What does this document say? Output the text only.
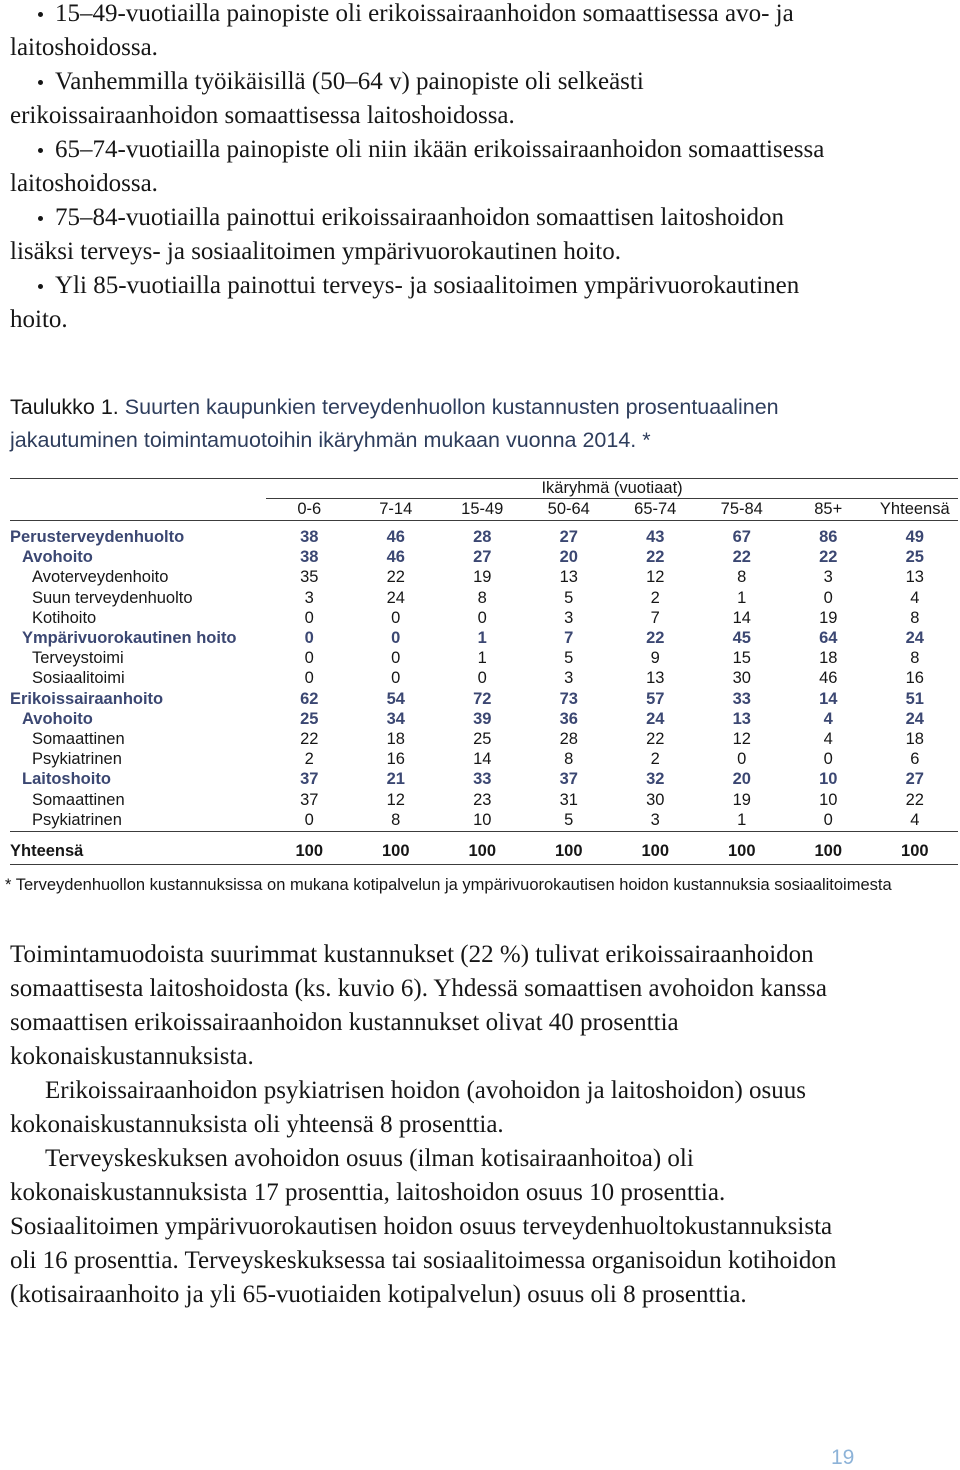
15–49-vuotiailla painopiste oli erikoissairaanhoidon somaattisessa avo- ja
laitoshoidossa.
Vanhemmilla työikäisillä (50–64 v) painopiste oli selkeästi
erikoissairaanhoidon somaattisessa laitoshoidossa.
65–74-vuotiailla painopiste oli niin ikään erikoissairaanhoidon somaattisessa
laitoshoidossa.
75–84-vuotiailla painottui erikoissairaanhoidon somaattisen laitoshoidon
lisäksi terveys- ja sosiaalitoimen ympärivuorokautinen hoito.
Yli 85-vuotiailla painottui terveys- ja sosiaalitoimen ympärivuorokautinen
hoito.
Taulukko 1. Suurten kaupunkien terveydenhuollon kustannusten prosentuaalinen
jakautuminen toimintamuotoihin ikäryhmän mukaan vuonna 2014. *
	Ikäryhmä (vuotiaat)							
	0-6	7-14	15-49	50-64	65-74	75-84	85+	Yhteensä

Perusterveydenhuolto	38	46	28	27	43	67	86	49
Avohoito	38	46	27	20	22	22	22	25
Avoterveydenhoito	35	22	19	13	12	8	3	13
Suun terveydenhuolto	3	24	8	5	2	1	0	4
Kotihoito	0	0	0	3	7	14	19	8
Ympärivuorokautinen hoito	0	0	1	7	22	45	64	24
Terveystoimi	0	0	1	5	9	15	18	8
Sosiaalitoimi	0	0	0	3	13	30	46	16
Erikoissairaanhoito	62	54	72	73	57	33	14	51
Avohoito	25	34	39	36	24	13	4	24
Somaattinen	22	18	25	28	22	12	4	18
Psykiatrinen	2	16	14	8	2	0	0	6
Laitoshoito	37	21	33	37	32	20	10	27
Somaattinen	37	12	23	31	30	19	10	22
Psykiatrinen	0	8	10	5	3	1	0	4

Yhteensä	100	100	100	100	100	100	100	100
* Terveydenhuollon kustannuksissa on mukana kotipalvelun ja ympärivuorokautisen hoidon kustannuksia sosiaalitoimesta
Toimintamuodoista suurimmat kustannukset (22 %) tulivat erikoissairaanhoidon
somaattisesta laitoshoidosta (ks. kuvio 6). Yhdessä somaattisen avohoidon kanssa
somaattisen erikoissairaanhoidon kustannukset olivat 40 prosenttia
kokonaiskustannuksista.
Erikoissairaanhoidon psykiatrisen hoidon (avohoidon ja laitoshoidon) osuus
kokonaiskustannuksista oli yhteensä 8 prosenttia.
Terveyskeskuksen avohoidon osuus (ilman kotisairaanhoitoa) oli
kokonaiskustannuksista 17 prosenttia, laitoshoidon osuus 10 prosenttia.
Sosiaalitoimen ympärivuorokautisen hoidon osuus terveydenhuoltokustannuksista
oli 16 prosenttia. Terveyskeskuksessa tai sosiaalitoimessa organisoidun kotihoidon
(kotisairaanhoito ja yli 65-vuotiaiden kotipalvelun) osuus oli 8 prosenttia.
19
